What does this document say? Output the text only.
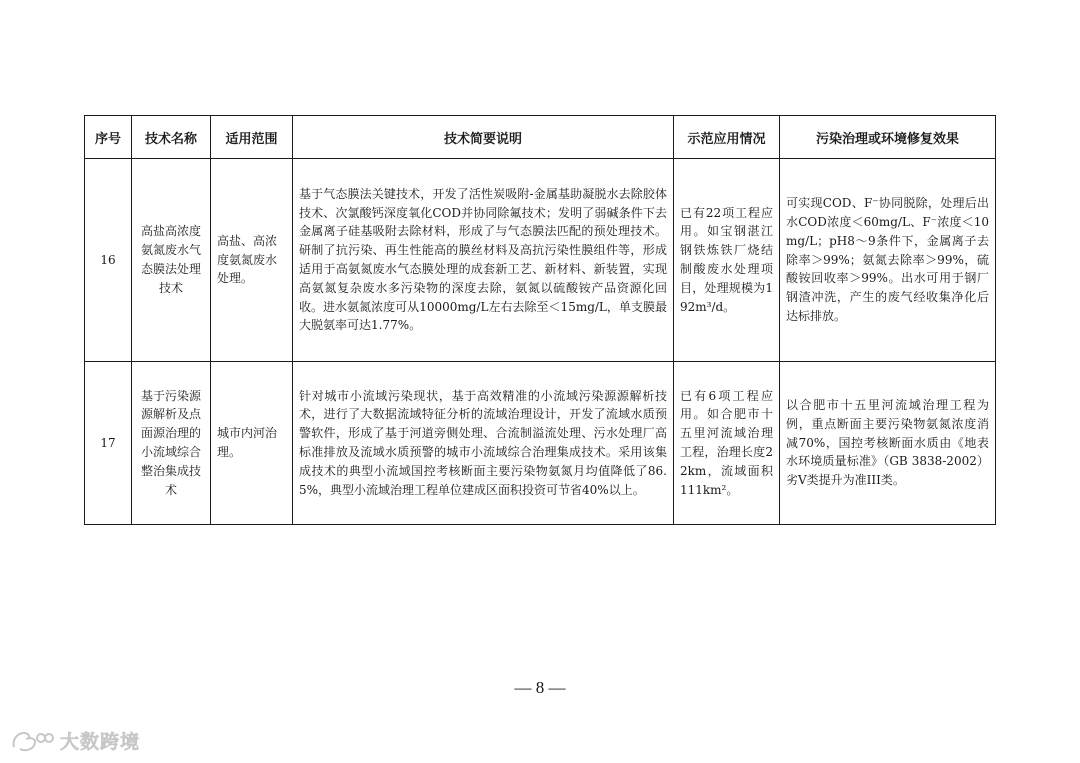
序号	技术名称	适用范围	技术简要说明	示范应用情况	污染治理或环境修复效果
16	高盐高浓度氨氮废水气态膜法处理技术	高盐、高浓度氨氮废水处理。	基于气态膜法关键技术，开发了活性炭吸附-金属基助凝脱水去除胶体技术、次氯酸钙深度氧化COD并协同除氟技术；发明了弱碱条件下去金属离子硅基吸附去除材料，形成了与气态膜法匹配的预处理技术。研制了抗污染、再生性能高的膜丝材料及高抗污染性膜组件等，形成适用于高氨氮废水气态膜处理的成套新工艺、新材料、新装置，实现高氨氮复杂废水多污染物的深度去除，氨氮以硫酸铵产品资源化回收。进水氨氮浓度可从10000mg/L左右去除至＜15mg/L，单支膜最大脱氨率可达1.77%。	已有22项工程应用。如宝钢湛江钢铁炼铁厂烧结制酸废水处理项目，处理规模为192m³/d。	可实现COD、F⁻协同脱除，处理后出水COD浓度＜60mg/L、F⁻浓度＜10mg/L；pH8～9条件下，金属离子去除率＞99%；氨氮去除率＞99%，硫酸铵回收率＞99%。出水可用于钢厂钢渣冲洗，产生的废气经收集净化后达标排放。
17	基于污染源源解析及点面源治理的小流域综合整治集成技术	城市内河治理。	针对城市小流域污染现状，基于高效精准的小流域污染源源解析技术，进行了大数据流域特征分析的流域治理设计，开发了流域水质预警软件，形成了基于河道旁侧处理、合流制溢流处理、污水处理厂高标准排放及流域水质预警的城市小流域综合治理集成技术。采用该集成技术的典型小流域国控考核断面主要污染物氨氮月均值降低了86.5%，典型小流域治理工程单位建成区面积投资可节省40%以上。	已有6项工程应用。如合肥市十五里河流域治理工程，治理长度22km，流域面积111km²。	以合肥市十五里河流域治理工程为例，重点断面主要污染物氨氮浓度消减70%，国控考核断面水质由《地表水环境质量标准》（GB 3838-2002）劣V类提升为准III类。
— 8 —
大数跨境
